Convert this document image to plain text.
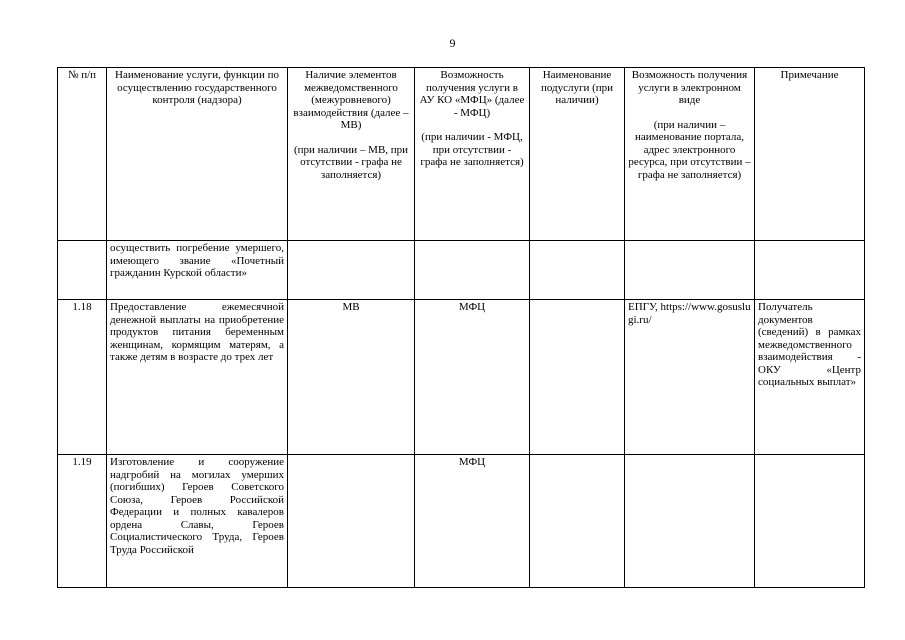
9
№ п/п	Наименование услуги, функции по осуществлению государственного контроля (надзора)	Наличие элементов межведомственного (межуровневого) взаимодействия (далее – МВ)
(при наличии – МВ, при отсутствии - графа не заполняется)	Возможность получения услуги в АУ КО «МФЦ» (далее - МФЦ)
(при наличии - МФЦ, при отсутствии - графа не заполняется)	Наименование подуслуги (при наличии)	Возможность получения услуги в электронном виде
(при наличии – наименование портала, адрес электронного ресурса, при отсутствии – графа не заполняется)	Примечание

	осуществить погребение умершего, имеющего звание «Почетный гражданин Курской области»					
1.18	Предоставление ежемесячной денежной выплаты на приобретение продуктов питания беременным женщинам, кормящим матерям, а также детям в возрасте до трех лет	МВ	МФЦ		ЕПГУ, https://www.gosuslugi.ru/	Получатель документов (сведений) в рамках межведомственного взаимодействия - ОКУ «Центр социальных выплат»
1.19	Изготовление и сооружение надгробий на могилах умерших (погибших) Героев Советского Союза, Героев Российской Федерации и полных кавалеров ордена Славы, Героев Социалистического Труда, Героев Труда Российской		МФЦ			
